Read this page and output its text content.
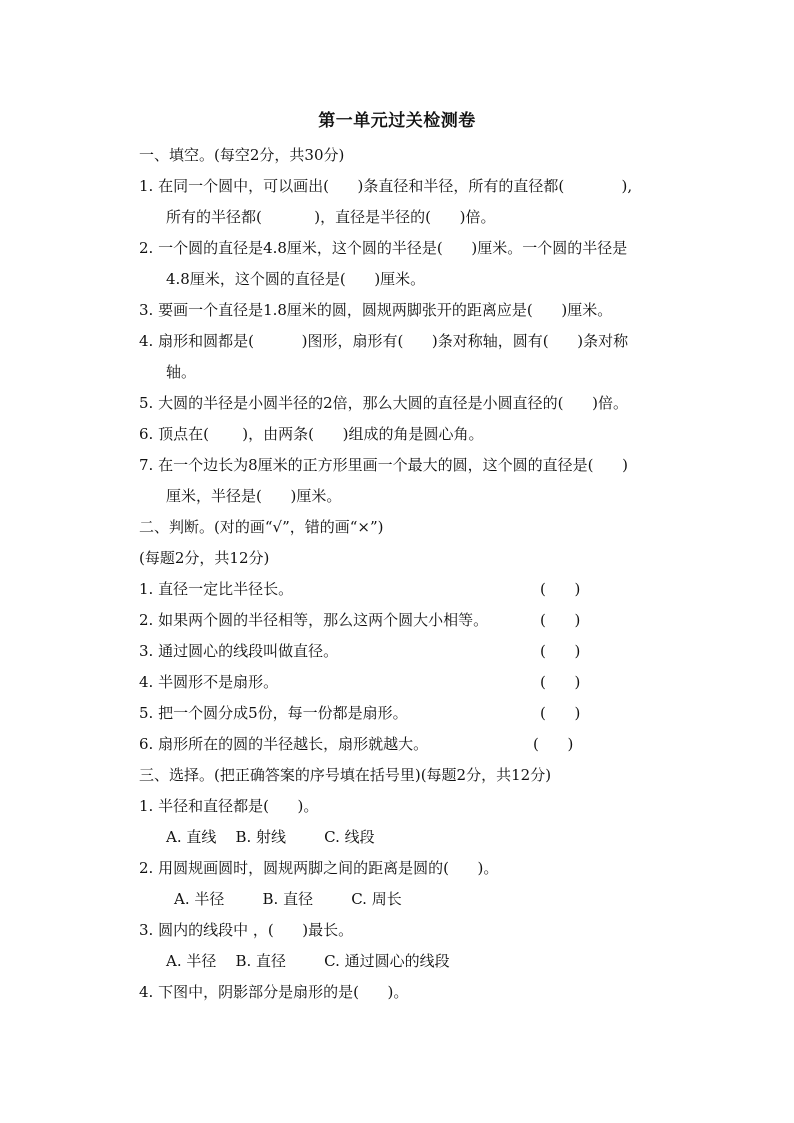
第一单元过关检测卷
一、填空。(每空2分，共30分)
1. 在同一个圆中，可以画出(      )条直径和半径，所有的直径都(            ),
所有的半径都(           )，直径是半径的(      )倍。
2. 一个圆的直径是4.8厘米，这个圆的半径是(      )厘米。一个圆的半径是
4.8厘米，这个圆的直径是(      )厘米。
3. 要画一个直径是1.8厘米的圆，圆规两脚张开的距离应是(      )厘米。
4. 扇形和圆都是(          )图形，扇形有(      )条对称轴，圆有(      )条对称
轴。
5. 大圆的半径是小圆半径的2倍，那么大圆的直径是小圆直径的(      )倍。
6. 顶点在(       )，由两条(      )组成的角是圆心角。
7. 在一个边长为8厘米的正方形里画一个最大的圆，这个圆的直径是(      )
厘米，半径是(      )厘米。
二、判断。(对的画“√”，错的画“×”)
(每题2分，共12分)
1. 直径一定比半径长。	(      )
2. 如果两个圆的半径相等，那么这两个圆大小相等。	(      )
3. 通过圆心的线段叫做直径。	(      )
4. 半圆形不是扇形。	(      )
5. 把一个圆分成5份，每一份都是扇形。	(      )
6. 扇形所在的圆的半径越长，扇形就越大。	(      )
三、选择。(把正确答案的序号填在括号里)(每题2分，共12分)
1. 半径和直径都是(      )。
A. 直线    B. 射线        C. 线段
2. 用圆规画圆时，圆规两脚之间的距离是圆的(      )。
A. 半径        B. 直径        C. 周长
3. 圆内的线段中 ，(      )最长。
A. 半径    B. 直径        C. 通过圆心的线段
4. 下图中，阴影部分是扇形的是(      )。
